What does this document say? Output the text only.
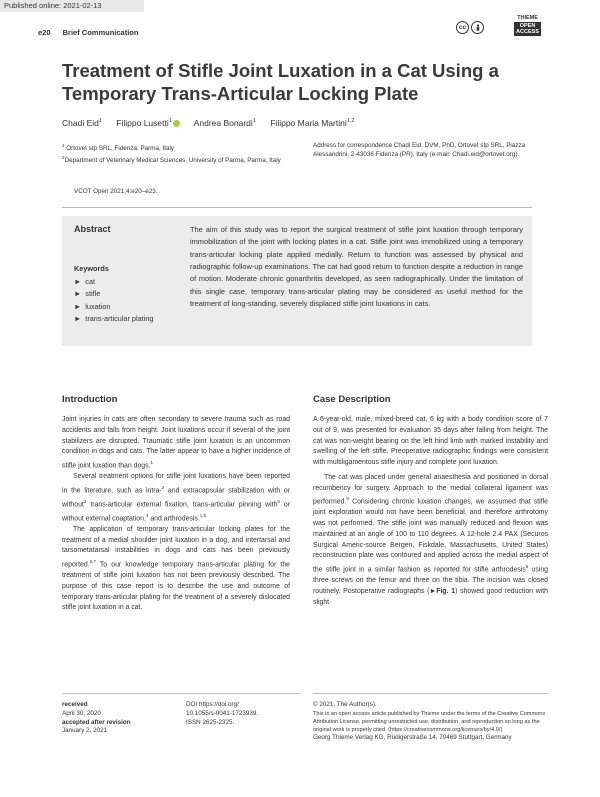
Published online: 2021-02-13
e20 Brief Communication
cc
THIEME
OPEN
ACCESS
Treatment of Stifle Joint Luxation in a Cat Using a Temporary Trans-Articular Locking Plate
Chadi Eid$^1$ Filippo Lusetti$^1$	Andrea Bonardi$^1$ Filippo Maria Martini$^{1,2}$
$^1$ Ortovet stp SRL, Fidenza, Parma, Italy
$^2$Department of Veterinary Medical Sciences, University of Parma, Parma, Italy
Address for correspondence Chadi Eid, DVM, PhD, Ortovet stp SRL, Piazza Alessandrini, 2-43036 Fidenza (PR), Italy (e-mail: Chadi.eid@ortovet.org).
VCOT Open 2021;4:e20–e23.
Abstract
Keywords
► cat
► stifle
► luxation
► trans-articular plating
The aim of this study was to report the surgical treatment of stifle joint luxation through temporary immobilization of the joint with locking plates in a cat. Stifle joint was immobilized using a temporary trans-articular locking plate applied medially. Return to function was assessed by physical and radiographic follow-up examinations. The cat had good return to function despite a reduction in range of motion. Moderate chronic gonarthritis developed, as seen radiographically. Under the limitation of this single case, temporary trans-articular plating may be considered as useful method for the treatment of long-standing, severely displaced stifle joint luxations in cats.
Introduction

Joint injuries in cats are often secondary to severe trauma such as road accidents and falls from height. Joint luxations occur if several of the joint stabilizers are disrupted. Traumatic stifle joint luxation is an uncommon condition in dogs and cats. The latter appear to have a higher incidence of stifle joint luxation than dogs.$^1$

Several treatment options for stifle joint luxations have been reported in the literature, such as intra-$^2$ and extracapsular stabilization with or without$^3$ trans-articular external fixation, trans-articular pinning with$^3$ or without external coaptation,$^4$ and arthrodesis.$^{1,5}$

The application of temporary trans-articular locking plates for the treatment of a medial shoulder joint luxation in a dog, and intertarsal and tarsometatarsal instabilities in dogs and cats has been previously reported.$^{6,7}$ To our knowledge temporary trans-articular plating for the treatment of stifle joint luxation has not been previously described. The purpose of this case report is to describe the use and outcome of temporary trans-articular plating for the treatment of a severely dislocated stifle joint luxation in a cat.

Case Description

A 6-year-old, male, mixed-breed cat, 6 kg with a body condition score of 7 out of 9, was presented for evaluation 35 days after falling from height. The cat was non-weight bearing on the left hind limb with marked instability and swelling of the left stifle. Preoperative radiographic findings were consistent with multiligamentous stifle injury and complete joint luxation.

The cat was placed under general anaesthesia and positioned in dorsal recumbency for surgery. Approach to the medial collateral ligament was performed.$^8$ Considering chronic luxation changes, we assumed that stifle joint exploration would not have been beneficial, and therefore arthrotomy was not performed. The stifle joint was manually reduced and flexion was maintained at an angle of 100 to 110 degrees. A 12-hole 2.4 PAX (Securos Surgical Americ-source Bergen, Fiskdale, Massachusetts, United States) reconstruction plate was contoured and applied across the medial aspect of the stifle joint in a similar fashion as reported for stifle arthrodesis$^5$ using three screws on the femur and three on the tibia. The incision was closed routinely. Postoperative radiographs (►Fig. 1) showed good reduction with slight

received
April 30, 2020
accepted after revision
January 2, 2021
DOI https://doi.org/
10.1055/s-0041-1723939.
ISSN 2625-2325.
© 2021. The Author(s).
This is an open access article published by Thieme under the terms of the Creative Commons Attribution License, permitting unrestricted use, distribution, and reproduction so long as the original work is properly cited. (https://creativecommons.org/licenses/by/4.0/)
Georg Thieme Verlag KG, Rüdigerstraße 14, 70469 Stuttgart, Germany
